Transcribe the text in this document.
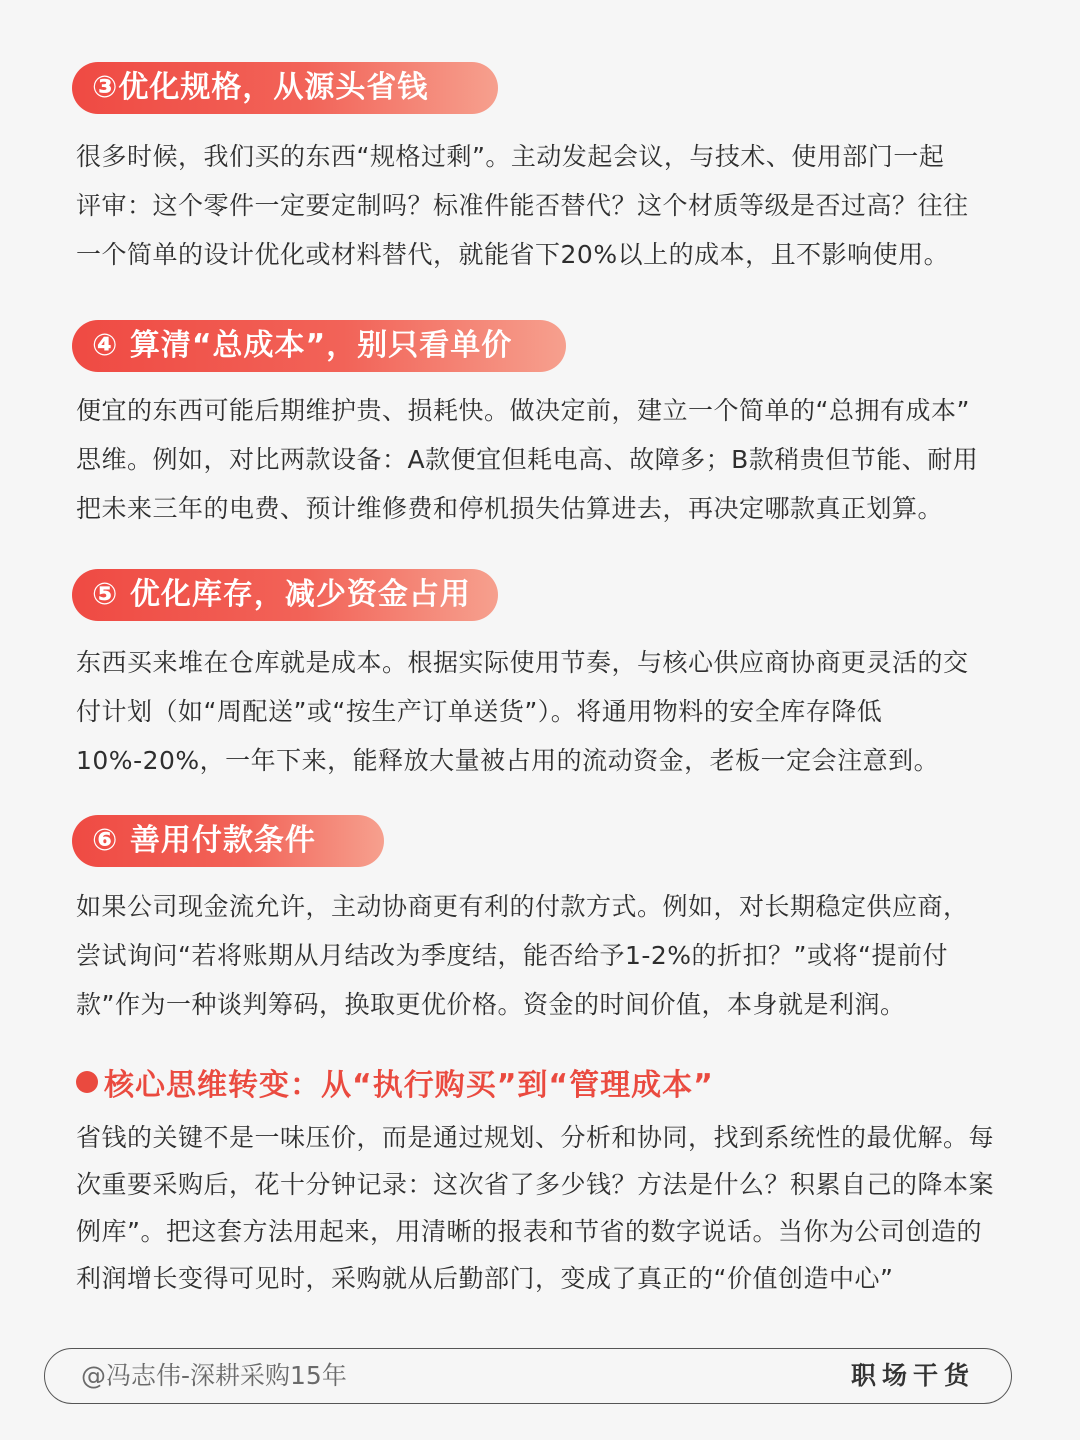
③优化规格，从源头省钱

很多时候，我们买的东西“规格过剩”。主动发起会议，与技术、使用部门一起
评审：这个零件一定要定制吗？标准件能否替代？这个材质等级是否过高？往往
一个简单的设计优化或材料替代，就能省下20%以上的成本，且不影响使用。

④ 算清“总成本”，别只看单价

便宜的东西可能后期维护贵、损耗快。做决定前，建立一个简单的“总拥有成本”
思维。例如，对比两款设备：A款便宜但耗电高、故障多；B款稍贵但节能、耐用
把未来三年的电费、预计维修费和停机损失估算进去，再决定哪款真正划算。

⑤ 优化库存，减少资金占用

东西买来堆在仓库就是成本。根据实际使用节奏，与核心供应商协商更灵活的交
付计划（如“周配送”或“按生产订单送货”）。将通用物料的安全库存降低
10%-20%，一年下来，能释放大量被占用的流动资金，老板一定会注意到。

⑥ 善用付款条件

如果公司现金流允许，主动协商更有利的付款方式。例如，对长期稳定供应商，
尝试询问“若将账期从月结改为季度结，能否给予1-2%的折扣？”或将“提前付
款”作为一种谈判筹码，换取更优价格。资金的时间价值，本身就是利润。

核心思维转变：从“执行购买”到“管理成本”

省钱的关键不是一味压价，而是通过规划、分析和协同，找到系统性的最优解。每
次重要采购后，花十分钟记录：这次省了多少钱？方法是什么？积累自己的降本案
例库”。把这套方法用起来，用清晰的报表和节省的数字说话。当你为公司创造的
利润增长变得可见时，采购就从后勤部门，变成了真正的“价值创造中心”

@冯志伟-深耕采购15年	职场干货
